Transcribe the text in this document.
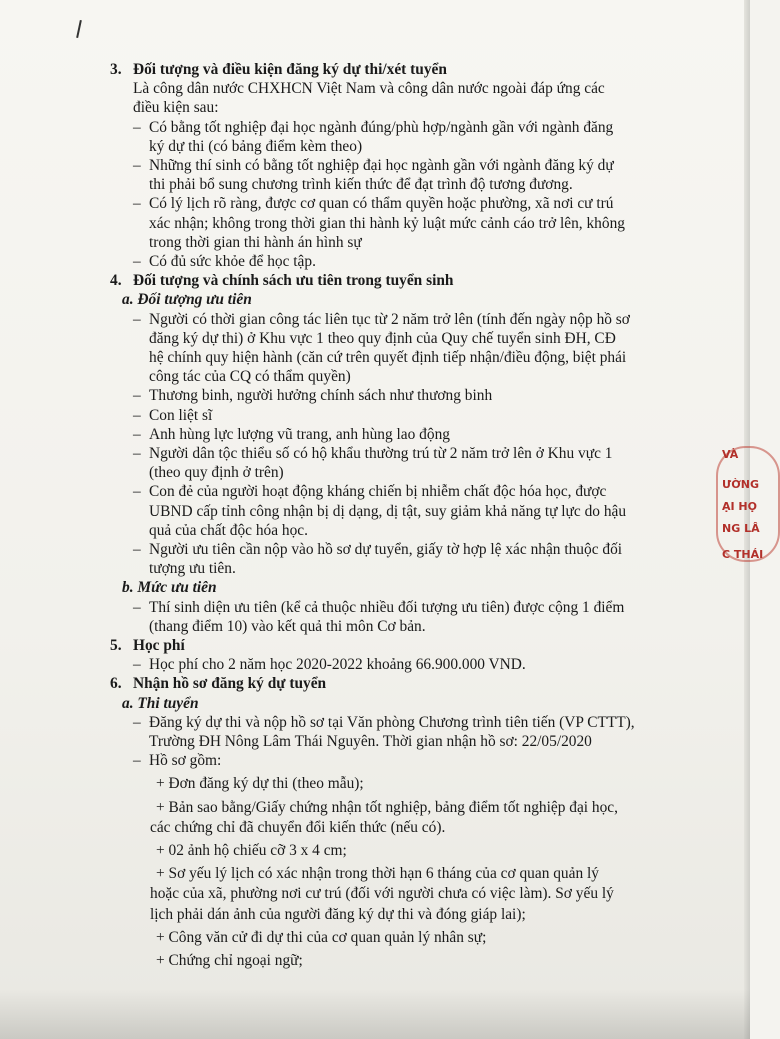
3. Đối tượng và điều kiện đăng ký dự thi/xét tuyển
Là công dân nước CHXHCN Việt Nam và công dân nước ngoài đáp ứng các
điều kiện sau:
– Có bằng tốt nghiệp đại học ngành đúng/phù hợp/ngành gần với ngành đăng
ký dự thi (có bảng điểm kèm theo)
– Những thí sinh có bằng tốt nghiệp đại học ngành gần với ngành đăng ký dự
thi phải bổ sung chương trình kiến thức để đạt trình độ tương đương.
– Có lý lịch rõ ràng, được cơ quan có thẩm quyền hoặc phường, xã nơi cư trú
xác nhận; không trong thời gian thi hành kỷ luật mức cảnh cáo trở lên, không
trong thời gian thi hành án hình sự
– Có đủ sức khỏe để học tập.
4. Đối tượng và chính sách ưu tiên trong tuyển sinh
a. Đối tượng ưu tiên
– Người có thời gian công tác liên tục từ 2 năm trở lên (tính đến ngày nộp hồ sơ
đăng ký dự thi) ở Khu vực 1 theo quy định của Quy chế tuyển sinh ĐH, CĐ
hệ chính quy hiện hành (căn cứ trên quyết định tiếp nhận/điều động, biệt phái
công tác của CQ có thẩm quyền)
– Thương binh, người hưởng chính sách như thương binh
– Con liệt sĩ
– Anh hùng lực lượng vũ trang, anh hùng lao động
– Người dân tộc thiểu số có hộ khẩu thường trú từ 2 năm trở lên ở Khu vực 1
(theo quy định ở trên)
– Con đẻ của người hoạt động kháng chiến bị nhiễm chất độc hóa học, được
UBND cấp tỉnh công nhận bị dị dạng, dị tật, suy giảm khả năng tự lực do hậu
quả của chất độc hóa học.
– Người ưu tiên cần nộp vào hồ sơ dự tuyển, giấy tờ hợp lệ xác nhận thuộc đối
tượng ưu tiên.
b. Mức ưu tiên
– Thí sinh diện ưu tiên (kể cả thuộc nhiều đối tượng ưu tiên) được cộng 1 điểm
(thang điểm 10) vào kết quả thi môn Cơ bản.
5. Học phí
– Học phí cho 2 năm học 2020-2022 khoảng 66.900.000 VND.
6. Nhận hồ sơ đăng ký dự tuyển
a. Thi tuyển
– Đăng ký dự thi và nộp hồ sơ tại Văn phòng Chương trình tiên tiến (VP CTTT),
Trường ĐH Nông Lâm Thái Nguyên. Thời gian nhận hồ sơ: 22/05/2020
– Hồ sơ gồm:
+ Đơn đăng ký dự thi (theo mẫu);
+ Bản sao bằng/Giấy chứng nhận tốt nghiệp, bảng điểm tốt nghiệp đại học,
các chứng chỉ đã chuyển đổi kiến thức (nếu có).
+ 02 ảnh hộ chiếu cỡ 3 x 4 cm;
+ Sơ yếu lý lịch có xác nhận trong thời hạn 6 tháng của cơ quan quản lý
hoặc của xã, phường nơi cư trú (đối với người chưa có việc làm). Sơ yếu lý
lịch phải dán ảnh của người đăng ký dự thi và đóng giáp lai);
+ Công văn cử đi dự thi của cơ quan quản lý nhân sự;
+ Chứng chỉ ngoại ngữ;
VÀ
ƯỜNG
ẠI HỌ
NG LÂ
C THÁI
